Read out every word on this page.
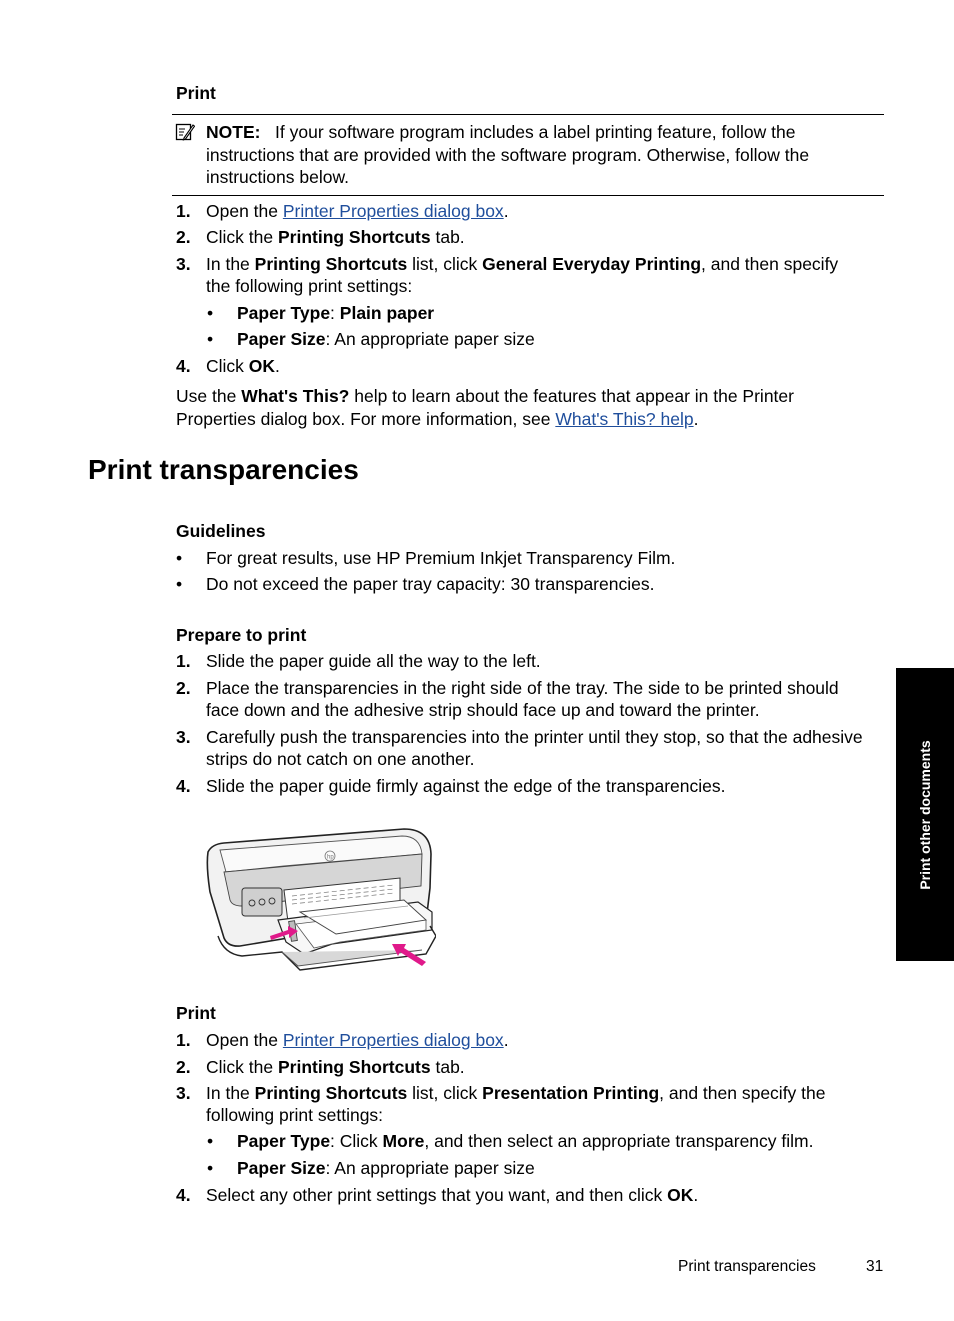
Print
NOTE: If your software program includes a label printing feature, follow the
instructions that are provided with the software program. Otherwise, follow the
instructions below.
1. Open the Printer Properties dialog box.
2. Click the Printing Shortcuts tab.
3. In the Printing Shortcuts list, click General Everyday Printing, and then specify
the following print settings:
• Paper Type: Plain paper
• Paper Size: An appropriate paper size
4. Click OK.
Use the What's This? help to learn about the features that appear in the Printer
Properties dialog box. For more information, see What's This? help.
Print transparencies
Guidelines
• For great results, use HP Premium Inkjet Transparency Film.
• Do not exceed the paper tray capacity: 30 transparencies.
Prepare to print
1. Slide the paper guide all the way to the left.
2. Place the transparencies in the right side of the tray. The side to be printed should
face down and the adhesive strip should face up and toward the printer.
3. Carefully push the transparencies into the printer until they stop, so that the adhesive
strips do not catch on one another.
4. Slide the paper guide firmly against the edge of the transparencies.
hp
Print
1. Open the Printer Properties dialog box.
2. Click the Printing Shortcuts tab.
3. In the Printing Shortcuts list, click Presentation Printing, and then specify the
following print settings:
• Paper Type: Click More, and then select an appropriate transparency film.
• Paper Size: An appropriate paper size
4. Select any other print settings that you want, and then click OK.
Print other documents
Print transparencies	31
